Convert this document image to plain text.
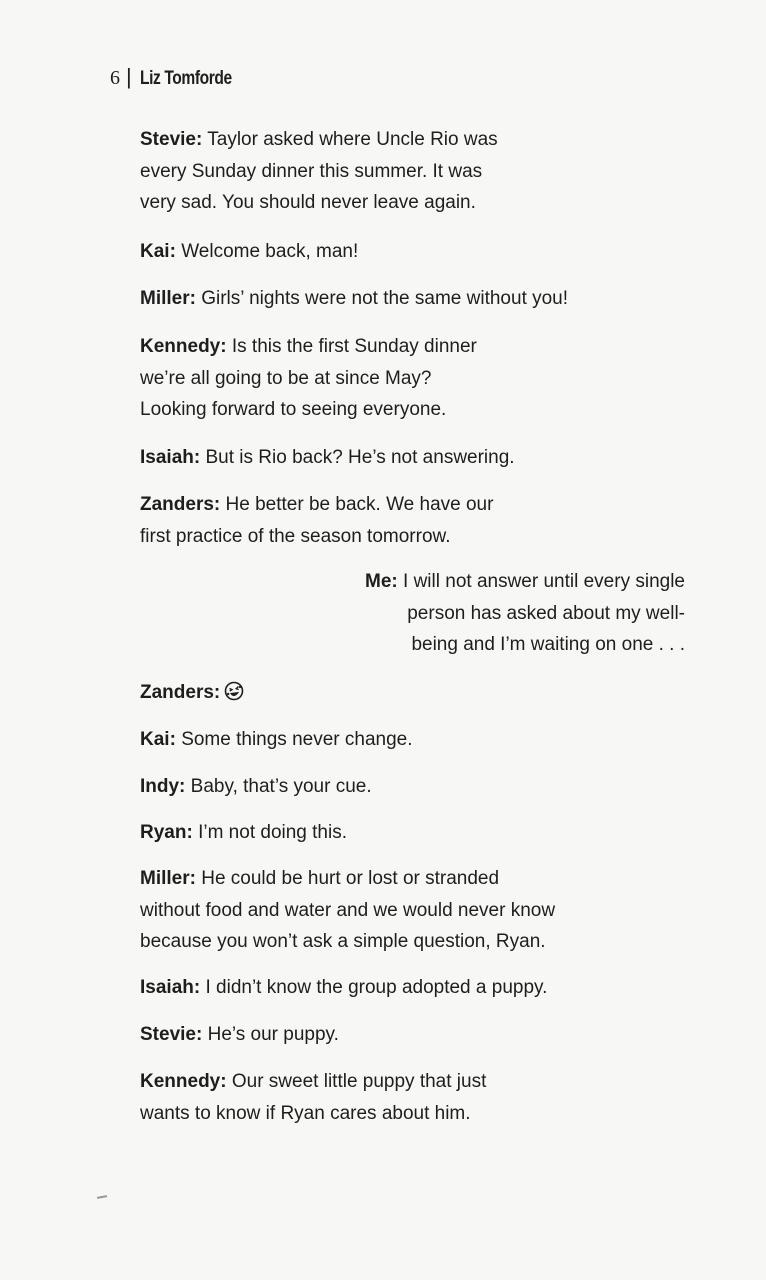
6 | Liz Tomforde
Stevie: Taylor asked where Uncle Rio was
every Sunday dinner this summer. It was
very sad. You should never leave again.
Kai: Welcome back, man!
Miller: Girls’ nights were not the same without you!
Kennedy: Is this the first Sunday dinner
we’re all going to be at since May?
Looking forward to seeing everyone.
Isaiah: But is Rio back? He’s not answering.
Zanders: He better be back. We have our
first practice of the season tomorrow.
Me: I will not answer until every single
person has asked about my well-
being and I’m waiting on one . . .
Zanders:
Kai: Some things never change.
Indy: Baby, that’s your cue.
Ryan: I’m not doing this.
Miller: He could be hurt or lost or stranded
without food and water and we would never know
because you won’t ask a simple question, Ryan.
Isaiah: I didn’t know the group adopted a puppy.
Stevie: He’s our puppy.
Kennedy: Our sweet little puppy that just
wants to know if Ryan cares about him.
